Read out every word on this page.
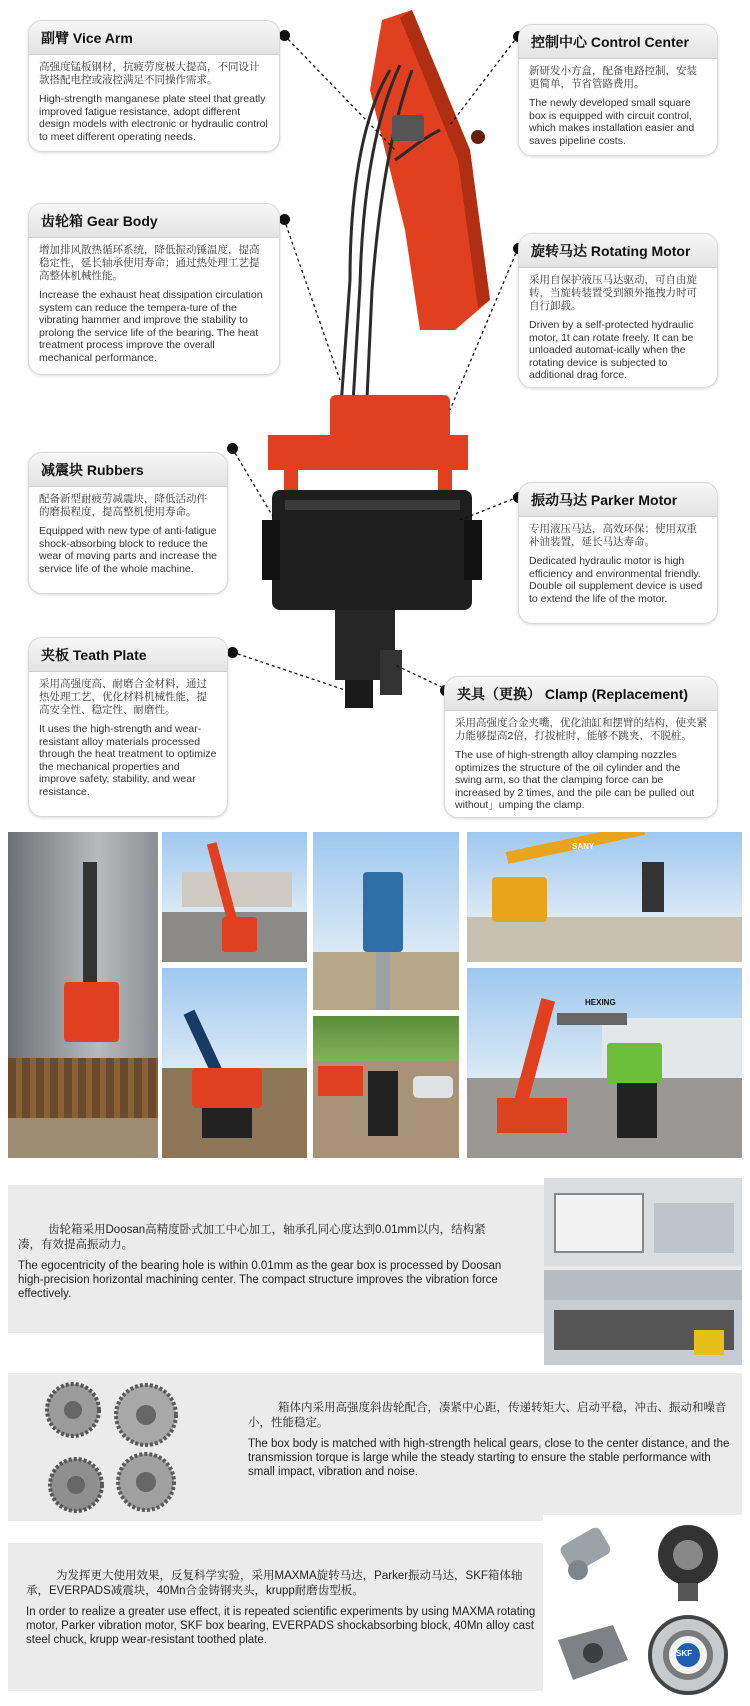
副臂 Vice Arm
高强度锰板钢材，抗疲劳度极大提高，不同设计款搭配电控或液控满足不同操作需求。
High-strength manganese plate steel that greatly improved fatigue resistance, adopt different design models with electronic or hydraulic control to meet different operating needs.
齿轮箱 Gear Body
增加排风散热循环系统，降低振动锤温度，提高稳定性，延长轴承使用寿命；通过热处理工艺提高整体机械性能。
Increase the exhaust heat dissipation circulation system can reduce the tempera-ture of the vibrating hammer and improve the stability to prolong the service life of the bearing. The heat treatment process improve the overall mechanical performance.
减震块 Rubbers
配备新型耐疲劳减震块，降低活动件的磨损程度，提高整机使用寿命。
Equipped with new type of anti-fatigue shock-absorbing block to reduce the wear of moving parts and increase the service life of the whole machine.
夹板 Teath Plate
采用高强度高、耐磨合金材料，通过热处理工艺，优化材料机械性能，提高安全性、稳定性、耐磨性。
It uses the high-strength and wear-resistant alloy materials processed through the heat treatment to optimize the mechanical properties and improve safety, stability, and wear resistance.
控制中心 Control Center
新研发小方盒，配备电路控制，安装更简单，节省管路费用。
The newly developed small square box is equipped with circuit control, which makes installation easier and saves pipeline costs.
旋转马达 Rotating Motor
采用自保护液压马达驱动，可自由旋转，当旋转装置受到额外拖拽力时可自行卸载。
Driven by a self-protected hydraulic motor, 1t can rotate freely. It can be unloaded automat-ically when the rotating device is subjected to additional drag force.
振动马达 Parker Motor
专用液压马达，高效环保；使用双重补油装置，延长马达寿命。
Dedicated hydraulic motor is high efficiency and environmental friendly. Double oil supplement device is used to extend the life of the motor.
夹具（更换） Clamp (Replacement)
采用高强度合金夹嘴，优化油缸和摆臂的结构，使夹紧力能够提高2倍，打拔桩时，能够不跳夹、不脱桩。
The use of high-strength alloy clamping nozzles optimizes the structure of the oil cylinder and the swing arm, so that the clamping force can be increased by 2 times, and the pile can be pulled out without」umping the clamp.
SANY
HEXING
齿轮箱采用Doosan高精度卧式加工中心加工，轴承孔同心度达到0.01mm以内，结构紧凑，有效提高振动力。
The egocentricity of the bearing hole is within 0.01mm as the gear box is processed by Doosan high-precision horizontal machining center. The compact structure improves the vibration force effectively.
箱体内采用高强度斜齿轮配合，凑紧中心距，传递转矩大、启动平稳，冲击、振动和噪音小，性能稳定。
The box body is matched with high-strength helical gears, close to the center distance, and the transmission torque is large while the steady starting to ensure the stable performance with small impact, vibration and noise.
为发挥更大使用效果，反复科学实验，采用MAXMA旋转马达，Parker振动马达，SKF箱体轴承，EVERPADS减震块，40Mn合金铸钢夹头，krupp耐磨齿型板。
In order to realize a greater use effect, it is repeated scientific experiments by using MAXMA rotating motor, Parker vibration motor, SKF box bearing, EVERPADS shockabsorbing block, 40Mn alloy cast steel chuck, krupp wear-resistant toothed plate.
SKF
